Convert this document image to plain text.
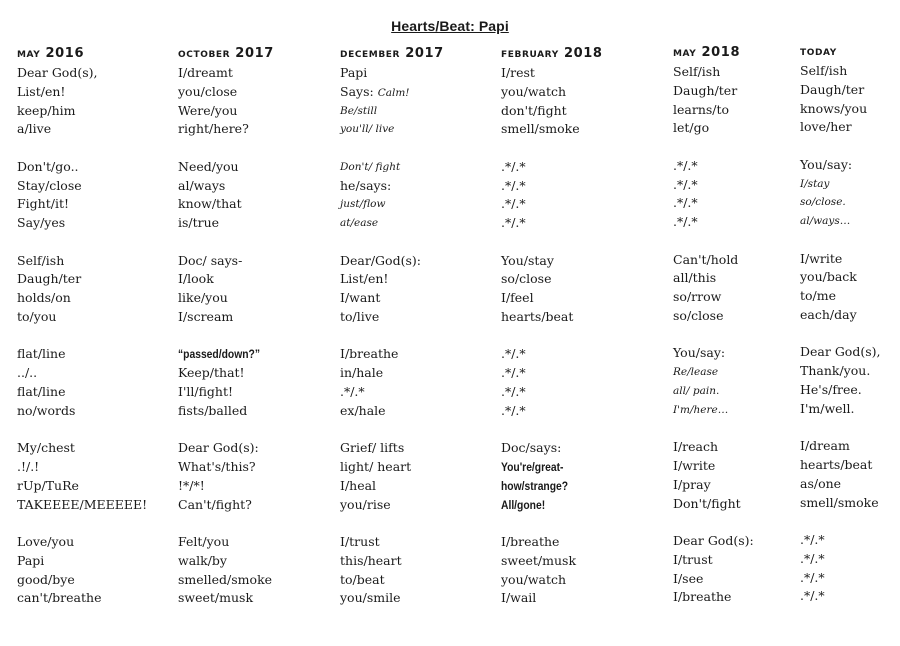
Hearts/Beat: Papi
may 2016
Dear God(s),
List/en!
keep/him
a/live
Don't/go..
Stay/close
Fight/it!
Say/yes
Self/ish
Daugh/ter
holds/on
to/you
flat/line
../..
flat/line
no/words
My/chest
.!/.!
rUp/TuRe
TAKEEEE/MEEEEE!
Love/you
Papi
good/bye
can't/breathe
october 2017
I/dreamt
you/close
Were/you
right/here?
Need/you
al/ways
know/that
is/true
Doc/ says-
I/look
like/you
I/scream
“passed/down?”
Keep/that!
I'll/fight!
fists/balled
Dear God(s):
What's/this?
!*/*!
Can't/fight?
Felt/you
walk/by
smelled/smoke
sweet/musk
december 2017
Papi
Says: Calm!
Be/still
you'll/ live
Don't/ fight
he/says:
just/flow
at/ease
Dear/God(s):
List/en!
I/want
to/live
I/breathe
in/hale
.*/.*
ex/hale
Grief/ lifts
light/ heart
I/heal
you/rise
I/trust
this/heart
to/beat
you/smile
february 2018
I/rest
you/watch
don't/fight
smell/smoke
.*/.*
.*/.*
.*/.*
.*/.*
You/stay
so/close
I/feel
hearts/beat
.*/.*
.*/.*
.*/.*
.*/.*
Doc/says:
You're/great-
how/strange?
All/gone!
I/breathe
sweet/musk
you/watch
I/wail
may 2018
Self/ish
Daugh/ter
learns/to
let/go
.*/.*
.*/.*
.*/.*
.*/.*
Can't/hold
all/this
so/rrow
so/close
You/say:
Re/lease
all/ pain.
I'm/here…
I/reach
I/write
I/pray
Don't/fight
Dear God(s):
I/trust
I/see
I/breathe
today
Self/ish
Daugh/ter
knows/you
love/her
You/say:
I/stay
so/close.
al/ways…
I/write
you/back
to/me
each/day
Dear God(s),
Thank/you.
He's/free.
I'm/well.
I/dream
hearts/beat
as/one
smell/smoke
.*/.*
.*/.*
.*/.*
.*/.*
